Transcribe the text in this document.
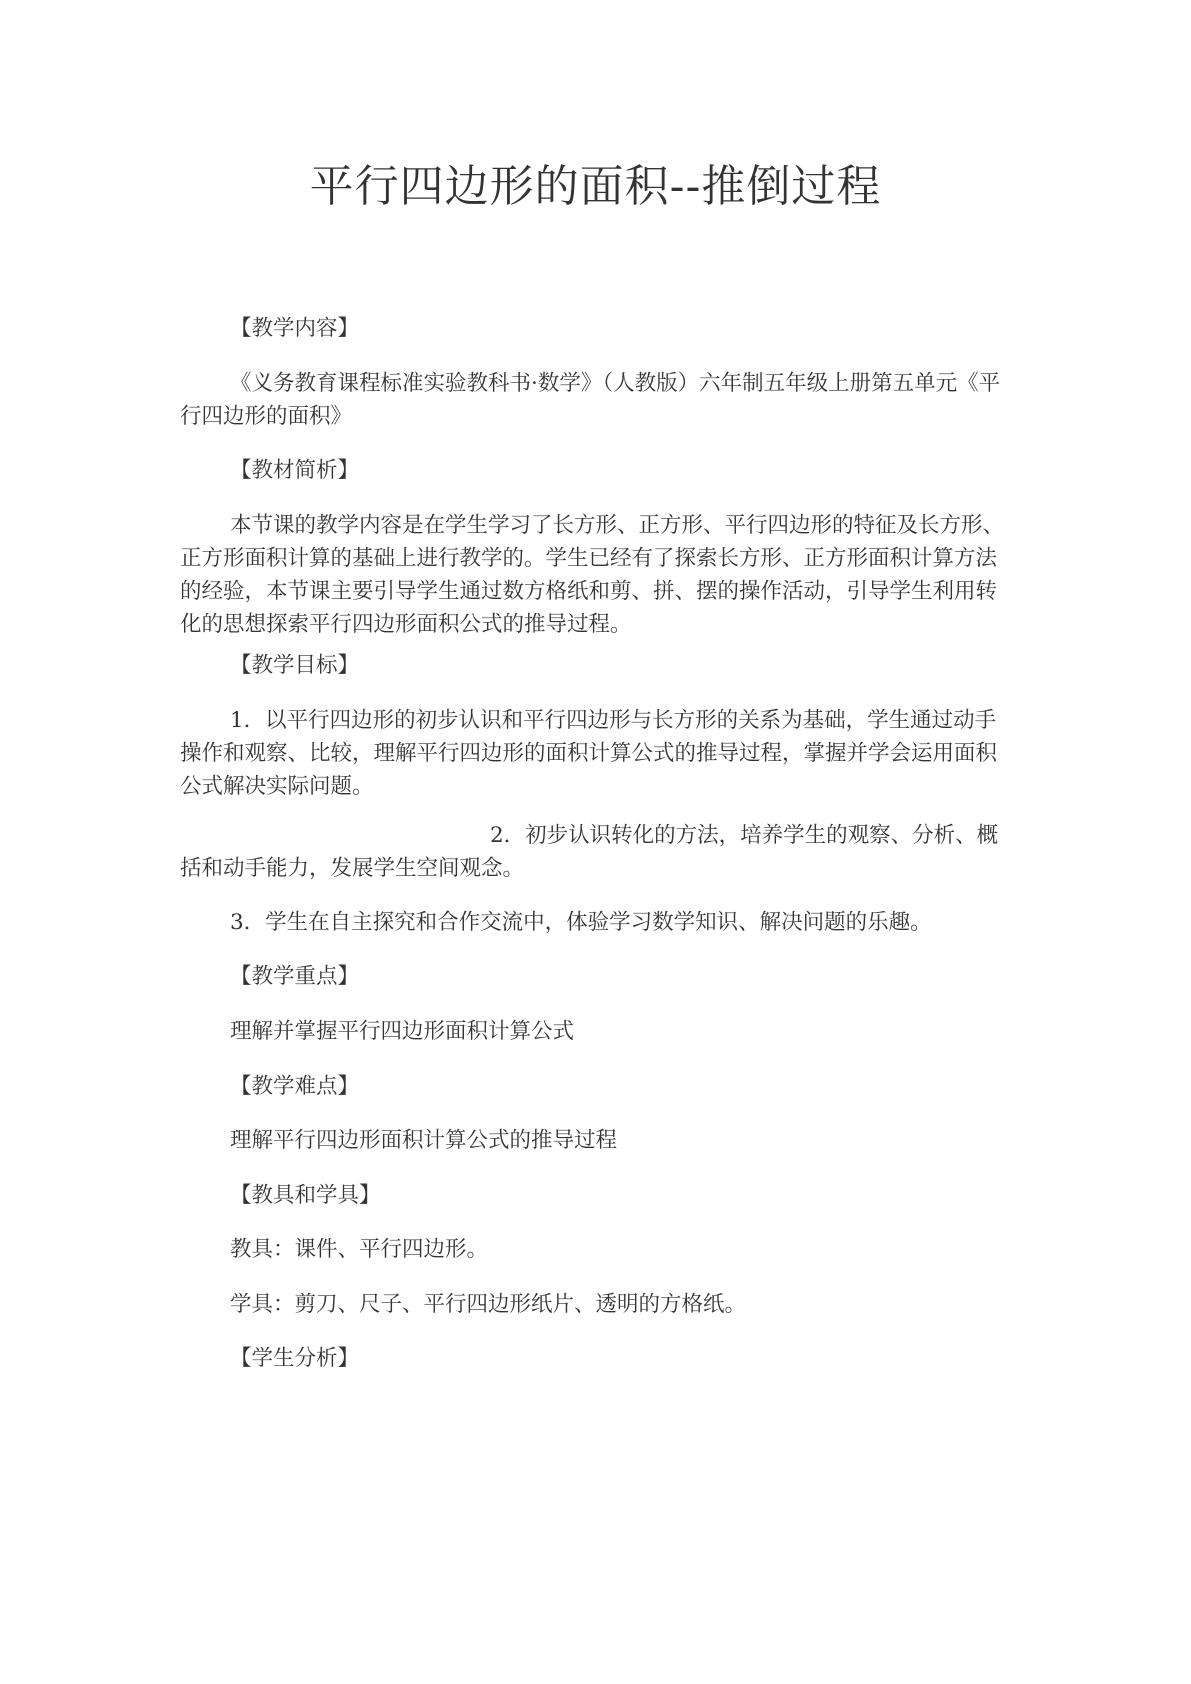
平行四边形的面积--推倒过程

【教学内容】

《义务教育课程标准实验教科书·数学》（人教版）六年制五年级上册第五单元《平行四边形的面积》

【教材简析】

本节课的教学内容是在学生学习了长方形、正方形、平行四边形的特征及长方形、正方形面积计算的基础上进行教学的。学生已经有了探索长方形、正方形面积计算方法的经验，本节课主要引导学生通过数方格纸和剪、拼、摆的操作活动，引导学生利用转化的思想探索平行四边形面积公式的推导过程。

【教学目标】

1．以平行四边形的初步认识和平行四边形与长方形的关系为基础，学生通过动手操作和观察、比较，理解平行四边形的面积计算公式的推导过程，掌握并学会运用面积公式解决实际问题。

2．初步认识转化的方法，培养学生的观察、分析、概括和动手能力，发展学生空间观念。

3．学生在自主探究和合作交流中，体验学习数学知识、解决问题的乐趣。

【教学重点】

理解并掌握平行四边形面积计算公式

【教学难点】

理解平行四边形面积计算公式的推导过程

【教具和学具】

教具：课件、平行四边形。

学具：剪刀、尺子、平行四边形纸片、透明的方格纸。

【学生分析】
